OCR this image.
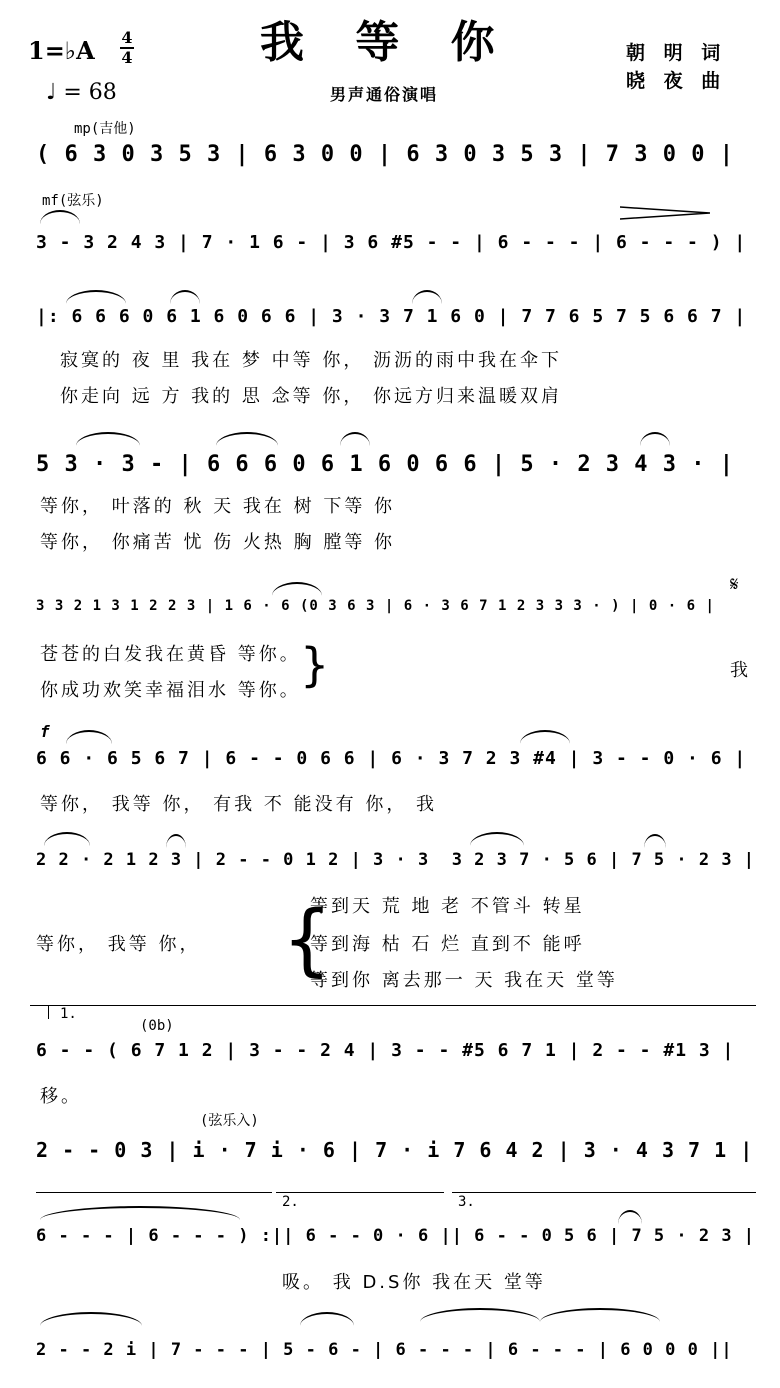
我 等 你
1=♭A 4
4
♩ = 68	男声通俗演唱
朝 明 词
晓 夜 曲
mp(吉他)
( 6 3 0 3 5 3 | 6 3 0 0 | 6 3 0 3 5 3 | 7 3 0 0 |
mf(弦乐)
3 - 3 2 4 3 | 7 · 1 6 - | 3 6 #5 - - | 6 - - - | 6 - - - ) |
|: 6 6 6 0 6 1 6 0 6 6 | 3 · 3 7 1 6 0 | 7 7 6 5 7 5 6 6 7 |
寂寞的 夜 里 我在 梦 中等 你， 沥沥的雨中我在伞下
你走向 远 方 我的 思 念等 你， 你远方归来温暖双肩
5 3 · 3 - | 6 6 6 0 6 1 6 0 6 6 | 5 · 2 3 4 3 · |
等你， 叶落的 秋 天 我在 树 下等 你
等你， 你痛苦 忧 伤 火热 胸 膛等 你
𝄋
3 3 2 1 3 1 2 2 3 | 1 6 · 6 (0 3 6 3 | 6 · 3 6 7 1 2 3 3 3 · ) | 0 · 6 |
苍苍的白发我在黄昏 等你。
你成功欢笑幸福泪水 等你。 }	我
f
6 6 · 6 5 6 7 | 6 - - 0 6 6 | 6 · 3 7 2 3 #4 | 3 - - 0 · 6 |
等你， 我等 你， 有我 不 能没有 你， 我
2 2 · 2 1 2 3 | 2 - - 0 1 2 | 3 · 3  3 2 3 7 · 5 6 | 7 5 · 2 3 |
等到天 荒 地 老 不管斗 转星
等你， 我等 你，	等到海 枯 石 烂 直到不 能呼
等到你 离去那一 天 我在天 堂等
{
1.
(0b)
6 - - ( 6 7 1 2 | 3 - - 2 4 | 3 - - #5 6 7 1 | 2 - - #1 3 |
移。
(弦乐入)
2 - - 0 3 | i · 7 i · 6 | 7 · i 7 6 4 2 | 3 · 4 3 7 1 |
2.	3.
6 - - - | 6 - - - ) :|| 6 - - 0 · 6 || 6 - - 0 5 6 | 7 5 · 2 3 |
吸。 我 D.S你 我在天 堂等
2 - - 2 i | 7 - - - | 5 - 6 - | 6 - - - | 6 - - - | 6 0 0 0 ||
